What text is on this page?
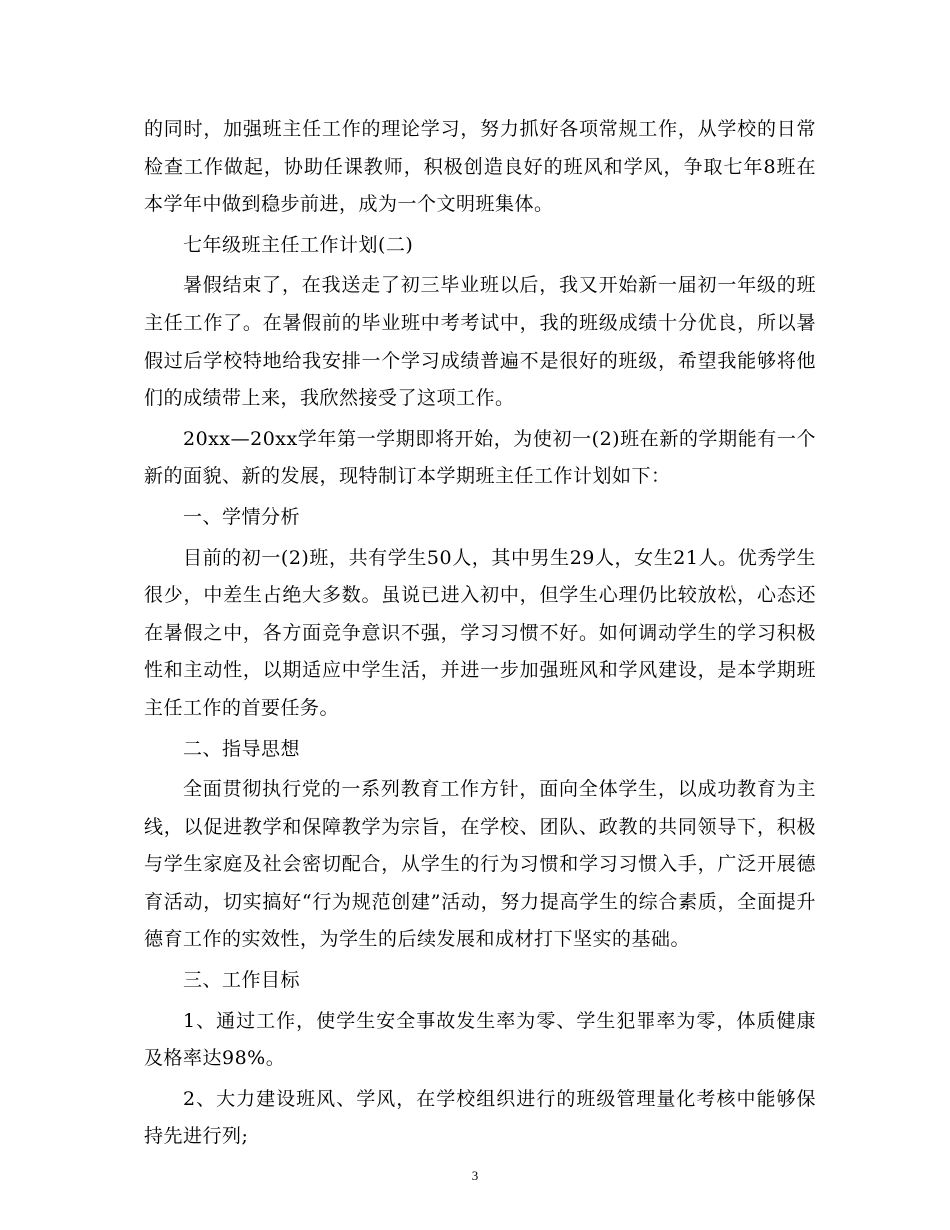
的同时，加强班主任工作的理论学习，努力抓好各项常规工作，从学校的日常检查工作做起，协助任课教师，积极创造良好的班风和学风，争取七年8班在本学年中做到稳步前进，成为一个文明班集体。

七年级班主任工作计划(二)

暑假结束了，在我送走了初三毕业班以后，我又开始新一届初一年级的班主任工作了。在暑假前的毕业班中考考试中，我的班级成绩十分优良，所以暑假过后学校特地给我安排一个学习成绩普遍不是很好的班级，希望我能够将他们的成绩带上来，我欣然接受了这项工作。

20xx—20xx学年第一学期即将开始，为使初一(2)班在新的学期能有一个新的面貌、新的发展，现特制订本学期班主任工作计划如下：

一、学情分析

目前的初一(2)班，共有学生50人，其中男生29人，女生21人。优秀学生很少，中差生占绝大多数。虽说已进入初中，但学生心理仍比较放松，心态还在暑假之中，各方面竞争意识不强，学习习惯不好。如何调动学生的学习积极性和主动性，以期适应中学生活，并进一步加强班风和学风建设，是本学期班主任工作的首要任务。

二、指导思想

全面贯彻执行党的一系列教育工作方针，面向全体学生，以成功教育为主线，以促进教学和保障教学为宗旨，在学校、团队、政教的共同领导下，积极与学生家庭及社会密切配合，从学生的行为习惯和学习习惯入手，广泛开展德育活动，切实搞好“行为规范创建”活动，努力提高学生的综合素质，全面提升德育工作的实效性，为学生的后续发展和成材打下坚实的基础。

三、工作目标

1、通过工作，使学生安全事故发生率为零、学生犯罪率为零，体质健康及格率达98%。

2、大力建设班风、学风，在学校组织进行的班级管理量化考核中能够保持先进行列;

3
